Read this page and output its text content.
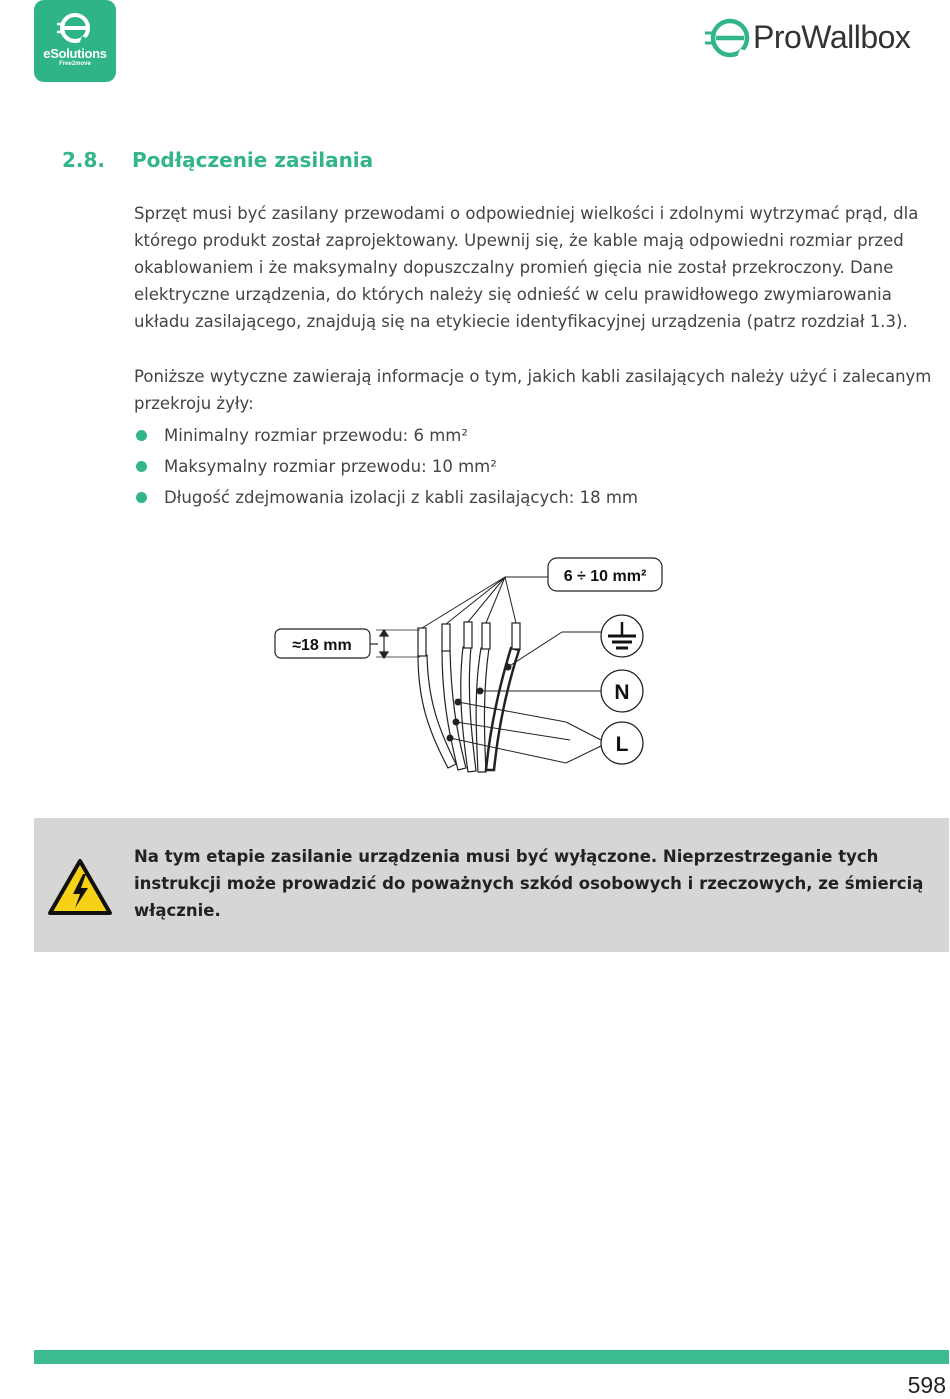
eSolutions
Free2move
ProWallbox
2.8. Podłączenie zasilania

Sprzęt musi być zasilany przewodami o odpowiedniej wielkości i zdolnymi wytrzymać prąd, dla którego produkt został zaprojektowany. Upewnij się, że kable mają odpowiedni rozmiar przed okablowaniem i że maksymalny dopuszczalny promień gięcia nie został przekroczony. Dane elektryczne urządzenia, do których należy się odnieść w celu prawidłowego zwymiarowania układu zasilającego, znajdują się na etykiecie identyfikacyjnej urządzenia (patrz rozdział 1.3).

Poniższe wytyczne zawierają informacje o tym, jakich kabli zasilających należy użyć i zalecanym przekroju żyły:

Minimalny rozmiar przewodu: 6 mm²
Maksymalny rozmiar przewodu: 10 mm²
Długość zdejmowania izolacji z kabli zasilających: 18 mm
≈18 mm
6 ÷ 10 mm²
N
L

Na tym etapie zasilanie urządzenia musi być wyłączone. Nieprzestrzeganie tych instrukcji może prowadzić do poważnych szkód osobowych i rzeczowych, ze śmiercią włącznie.

598
